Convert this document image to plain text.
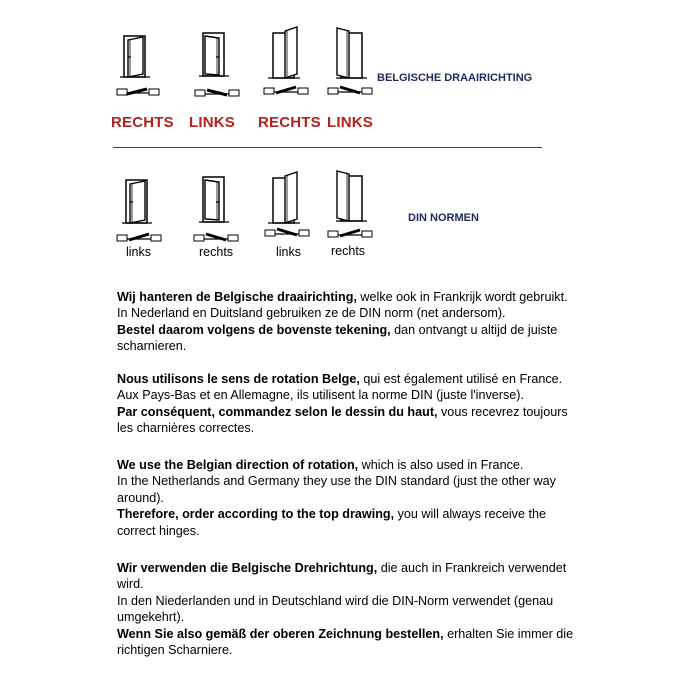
BELGISCHE DRAAIRICHTING
DIN NORMEN
RECHTS LINKS RECHTS LINKS
links	rechts	links rechts

Wij hanteren de Belgische draairichting, welke ook in Frankrijk wordt gebruikt.

In Nederland en Duitsland gebruiken ze de DIN norm (net andersom).

Bestel daarom volgens de bovenste tekening, dan ontvangt u altijd de juiste scharnieren.

Nous utilisons le sens de rotation Belge, qui est également utilisé en France.

Aux Pays-Bas et en Allemagne, ils utilisent la norme DIN (juste l'inverse).

Par conséquent, commandez selon le dessin du haut, vous recevrez toujours les charnières correctes.

We use the Belgian direction of rotation, which is also used in France.

In the Netherlands and Germany they use the DIN standard (just the other way around).

Therefore, order according to the top drawing, you will always receive the correct hinges.

Wir verwenden die Belgische Drehrichtung, die auch in Frankreich verwendet wird.

In den Niederlanden und in Deutschland wird die DIN-Norm verwendet (genau umgekehrt).

Wenn Sie also gemäß der oberen Zeichnung bestellen, erhalten Sie immer die richtigen Scharniere.
